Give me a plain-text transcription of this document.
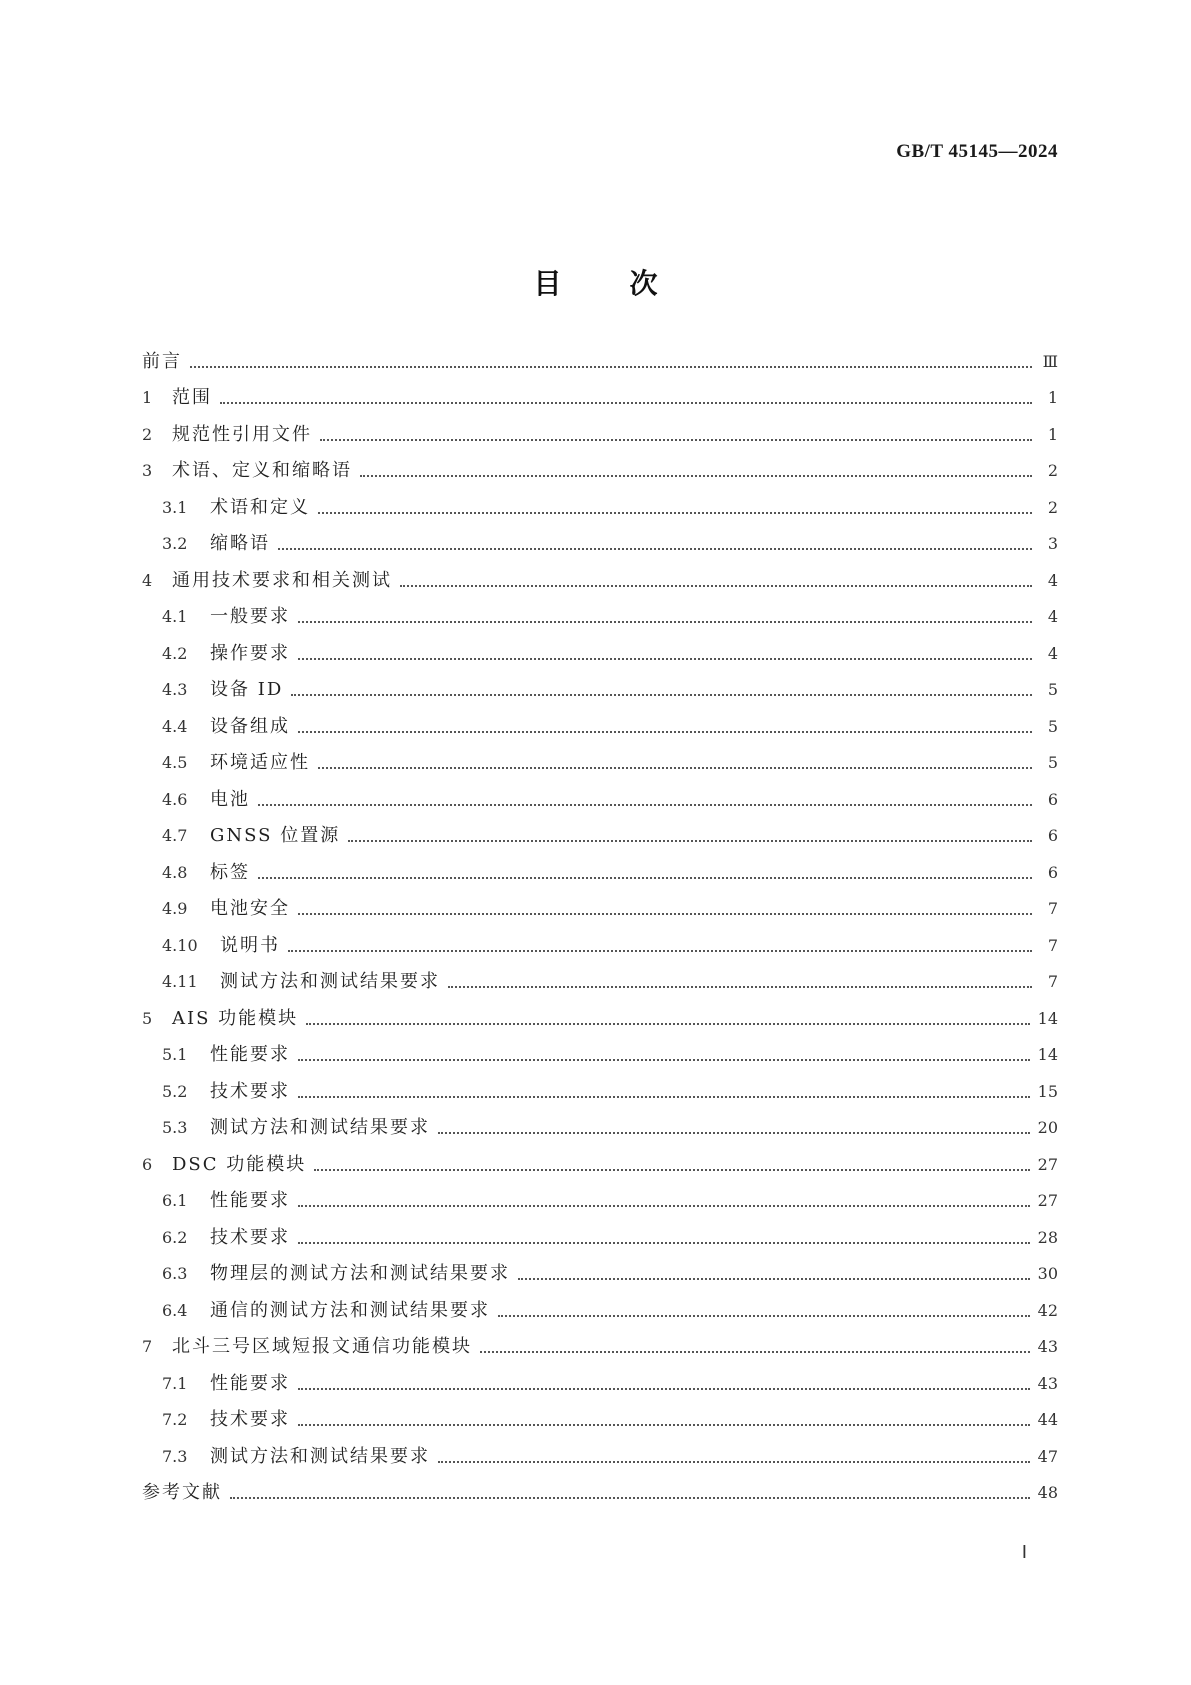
GB/T 45145—2024
目 次
前言	Ⅲ
1	范围	1
2	规范性引用文件	1
3	术语、定义和缩略语	2
3.1	术语和定义	2
3.2	缩略语	3
4	通用技术要求和相关测试	4
4.1	一般要求	4
4.2	操作要求	4
4.3	设备 ID	5
4.4	设备组成	5
4.5	环境适应性	5
4.6	电池	6
4.7	GNSS 位置源	6
4.8	标签	6
4.9	电池安全	7
4.10	说明书	7
4.11	测试方法和测试结果要求	7
5	AIS 功能模块	14
5.1	性能要求	14
5.2	技术要求	15
5.3	测试方法和测试结果要求	20
6	DSC 功能模块	27
6.1	性能要求	27
6.2	技术要求	28
6.3	物理层的测试方法和测试结果要求	30
6.4	通信的测试方法和测试结果要求	42
7	北斗三号区域短报文通信功能模块	43
7.1	性能要求	43
7.2	技术要求	44
7.3	测试方法和测试结果要求	47
参考文献	48
Ⅰ
